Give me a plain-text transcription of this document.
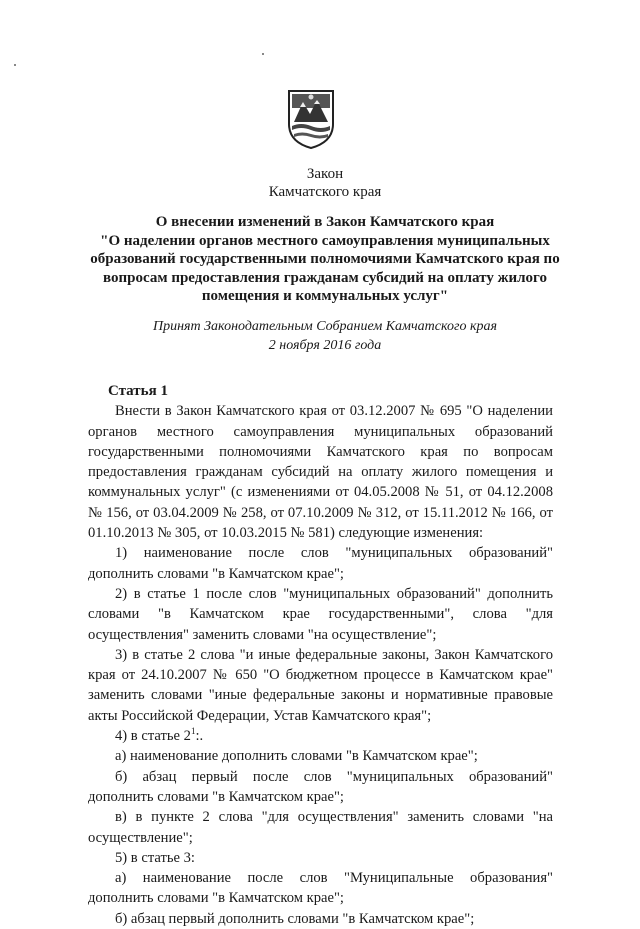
Закон
Камчатского края
О внесении изменений в Закон Камчатского края
"О наделении органов местного самоуправления муниципальных
образований государственными полномочиями Камчатского края по
вопросам предоставления гражданам субсидий на оплату жилого
помещения и коммунальных услуг"
Принят Законодательным Собранием Камчатского края
2 ноября 2016 года
Статья 1
Внести в Закон Камчатского края от 03.12.2007 № 695 "О наделении органов местного самоуправления муниципальных образований государственными полномочиями Камчатского края по вопросам предоставления гражданам субсидий на оплату жилого помещения и коммунальных услуг" (с изменениями от 04.05.2008 № 51, от 04.12.2008 № 156, от 03.04.2009 № 258, от 07.10.2009 № 312, от 15.11.2012 № 166, от 01.10.2013 № 305, от 10.03.2015 № 581) следующие изменения:
1) наименование после слов "муниципальных образований" дополнить словами "в Камчатском крае";
2) в статье 1 после слов "муниципальных образований" дополнить словами "в Камчатском крае государственными", слова "для осуществления" заменить словами "на осуществление";
3) в статье 2 слова "и иные федеральные законы, Закон Камчатского края от 24.10.2007 № 650 "О бюджетном процессе в Камчатском крае" заменить словами "иные федеральные законы и нормативные правовые акты Российской Федерации, Устав Камчатского края";
4) в статье $2^1$:.
а) наименование дополнить словами "в Камчатском крае";
б) абзац первый после слов "муниципальных образований" дополнить словами "в Камчатском крае";
в) в пункте 2 слова "для осуществления" заменить словами "на осуществление";
5) в статье 3:
а) наименование после слов "Муниципальные образования" дополнить словами "в Камчатском крае";
б) абзац первый дополнить словами "в Камчатском крае";
